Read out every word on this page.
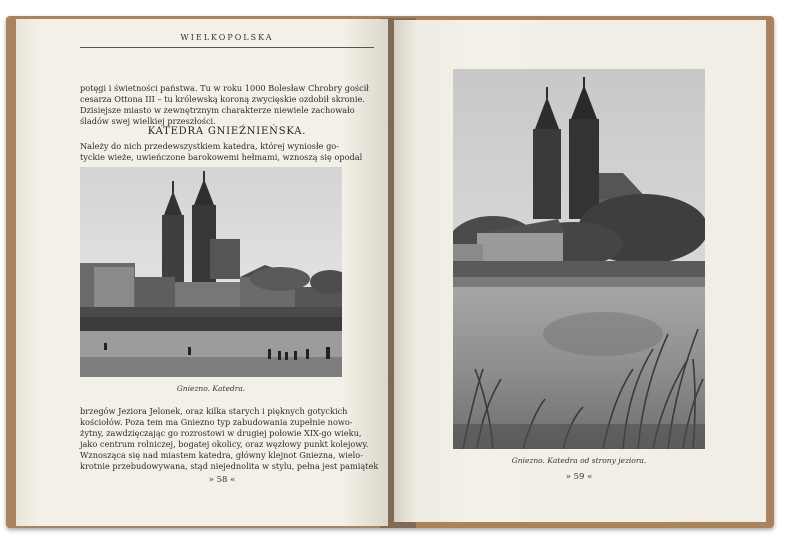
WIELKOPOLSKA
potęgi i świetności państwa. Tu w roku 1000 Bolesław Chrobry gościł
cesarza Ottona III – tu królewską koroną zwycięskie ozdobił skronie.
Dzisiejsze miasto w zewnętrznym charakterze niewiele zachowało
śladów swej wielkiej przeszłości.
KATEDRA GNIEŹNIEŃSKA.
Należy do nich przedewszystkiem katedra, której wyniosłe go-
tyckie wieże, uwieńczone barokowemi hełmami, wznoszą się opodal
Gniezno. Katedra.
brzegów Jeziora Jelonek, oraz kilka starych i pięknych gotyckich
kościołów. Poza tem ma Gniezno typ zabudowania zupełnie nowo-
żytny, zawdzięczając go rozrostowi w drugiej połowie XIX-go wieku,
jako centrum rolniczej, bogatej okolicy, oraz węzłowy punkt kolejowy.
Wznosząca się nad miastem katedra, główny klejnot Gniezna, wielo-
krotnie przebudowywana, stąd niejednolita w stylu, pełna jest pamiątek
» 58 «
Gniezno. Katedra od strony jeziora.
» 59 «
